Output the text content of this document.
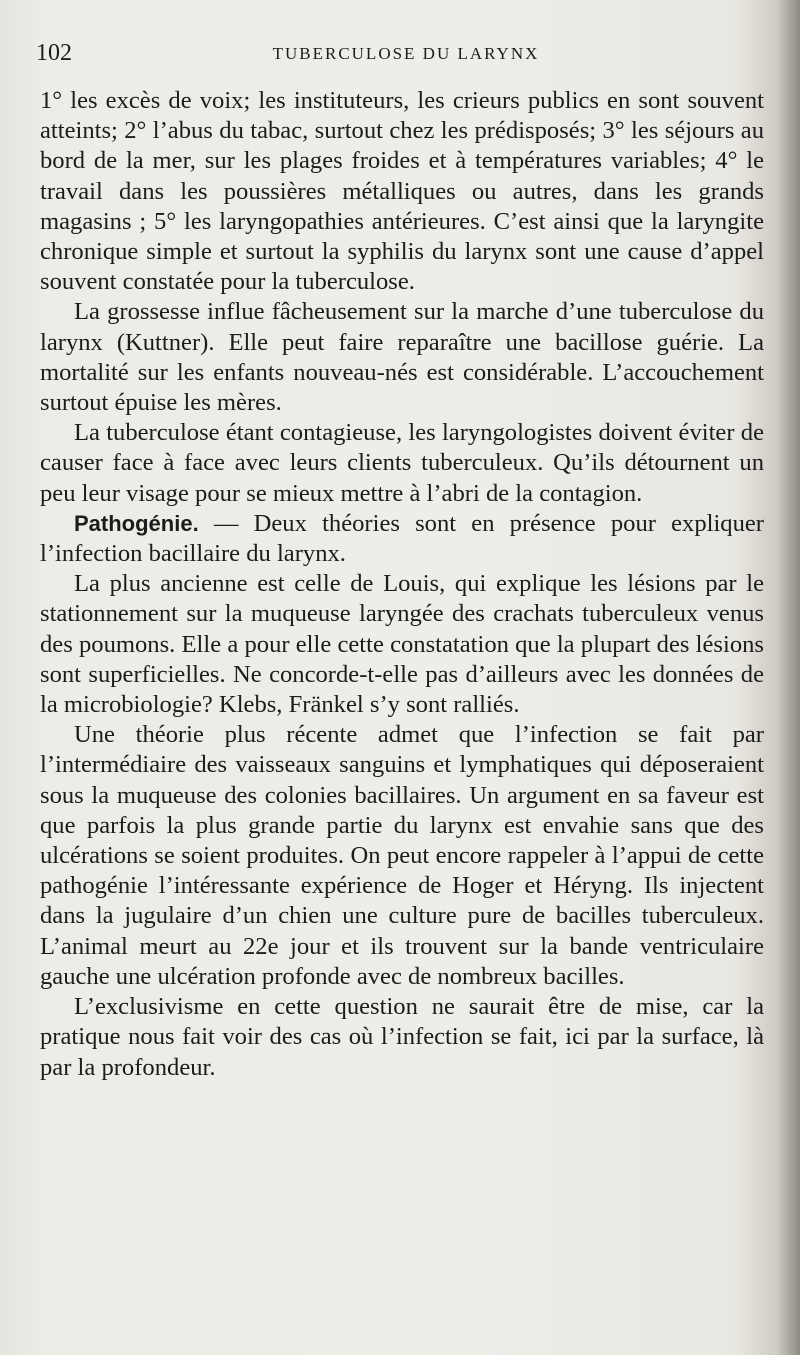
102	TUBERCULOSE DU LARYNX

1° les excès de voix; les instituteurs, les crieurs publics en sont souvent atteints; 2° l’abus du tabac, surtout chez les prédisposés; 3° les séjours au bord de la mer, sur les plages froides et à températures variables; 4° le travail dans les poussières métalliques ou autres, dans les grands magasins ; 5° les laryngopathies antérieures. C’est ainsi que la laryngite chronique simple et surtout la syphilis du larynx sont une cause d’appel souvent constatée pour la tuberculose.

La grossesse influe fâcheusement sur la marche d’une tuberculose du larynx (Kuttner). Elle peut faire reparaître une bacillose guérie. La mortalité sur les enfants nouveau-nés est considérable. L’accouchement surtout épuise les mères.

La tuberculose étant contagieuse, les laryngologistes doivent éviter de causer face à face avec leurs clients tuberculeux. Qu’ils détournent un peu leur visage pour se mieux mettre à l’abri de la contagion.

Pathogénie. — Deux théories sont en présence pour expliquer l’infection bacillaire du larynx.

La plus ancienne est celle de Louis, qui explique les lésions par le stationnement sur la muqueuse laryngée des crachats tuberculeux venus des poumons. Elle a pour elle cette constatation que la plupart des lésions sont superficielles. Ne concorde-t-elle pas d’ailleurs avec les données de la microbiologie? Klebs, Fränkel s’y sont ralliés.

Une théorie plus récente admet que l’infection se fait par l’intermédiaire des vaisseaux sanguins et lymphatiques qui déposeraient sous la muqueuse des colonies bacillaires. Un argument en sa faveur est que parfois la plus grande partie du larynx est envahie sans que des ulcérations se soient produites. On peut encore rappeler à l’appui de cette pathogénie l’intéressante expérience de Hoger et Héryng. Ils injectent dans la jugulaire d’un chien une culture pure de bacilles tuberculeux. L’animal meurt au 22e jour et ils trouvent sur la bande ventriculaire gauche une ulcération profonde avec de nombreux bacilles.

L’exclusivisme en cette question ne saurait être de mise, car la pratique nous fait voir des cas où l’infection se fait, ici par la surface, là par la profondeur.
